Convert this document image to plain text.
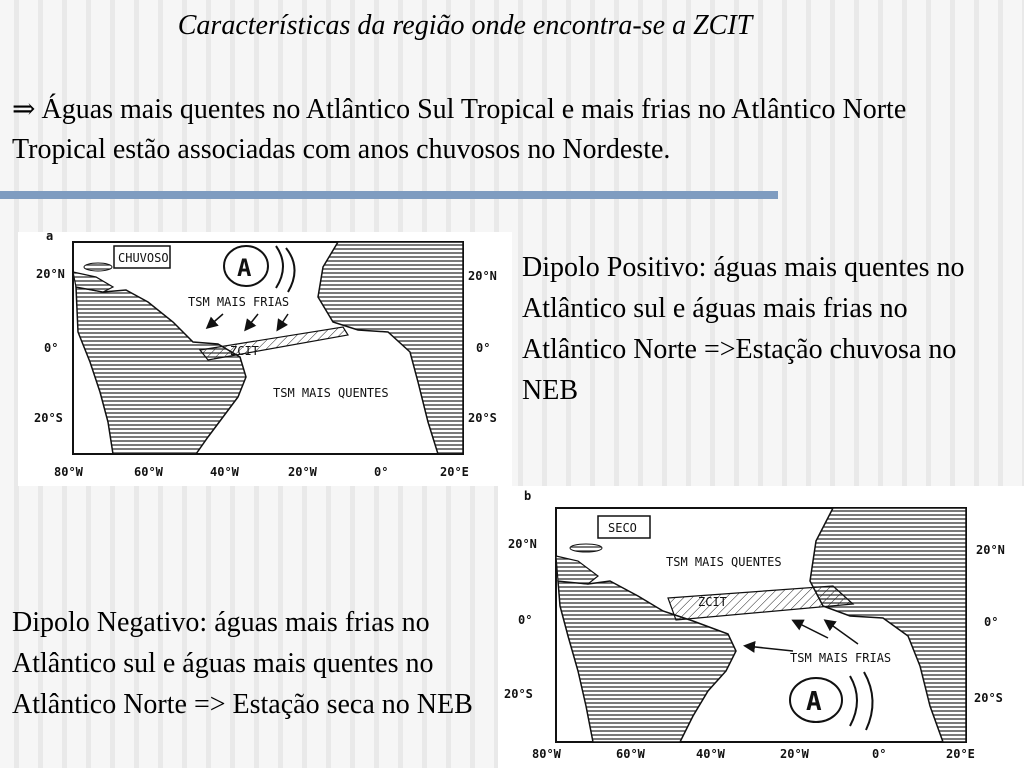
Características da região onde encontra-se a ZCIT
⇒ Águas mais quentes no Atlântico Sul Tropical e mais frias no Atlântico Norte Tropical estão associadas com anos chuvosos no Nordeste.
a
ZCIT
CHUVOSO	A
TSM MAIS FRIAS
TSM MAIS QUENTES
20°N
0°
20°S
20°N
0°
20°S
80°W	60°W	40°W	20°W	0°	20°E
Dipolo Positivo: águas mais quentes no Atlântico sul e águas mais frias no Atlântico Norte =>Estação chuvosa no NEB
b
ZCIT
SECO
TSM MAIS QUENTES
TSM MAIS FRIAS
A
20°N
0°
20°S
20°N
0°
20°S
80°W	60°W	40°W	20°W	0°	20°E
Dipolo Negativo: águas mais frias no Atlântico sul e águas mais quentes no Atlântico Norte => Estação seca no NEB
